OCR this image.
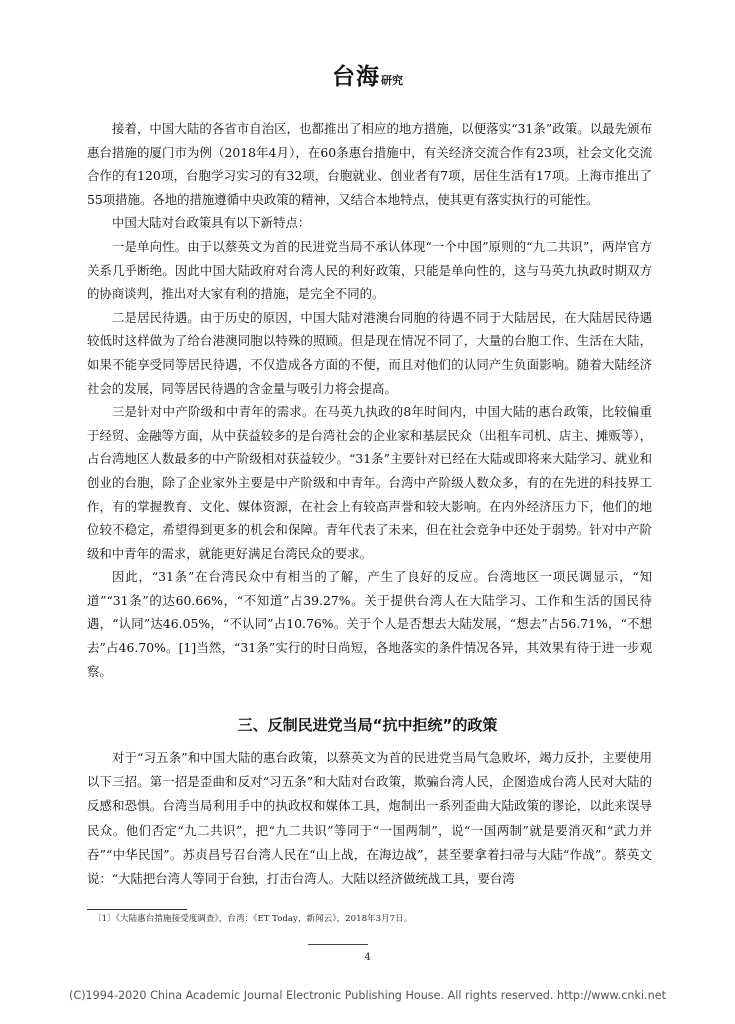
台海研究

接着，中国大陆的各省市自治区，也都推出了相应的地方措施，以便落实“31条”政策。以最先颁布惠台措施的厦门市为例（2018年4月），在60条惠台措施中，有关经济交流合作有23项，社会文化交流合作的有120项，台胞学习实习的有32项，台胞就业、创业者有7项，居住生活有17项。上海市推出了55项措施。各地的措施遵循中央政策的精神，又结合本地特点，使其更有落实执行的可能性。

中国大陆对台政策具有以下新特点：

一是单向性。由于以蔡英文为首的民进党当局不承认体现“一个中国”原则的“九二共识”，两岸官方关系几乎断绝。因此中国大陆政府对台湾人民的利好政策，只能是单向性的，这与马英九执政时期双方的协商谈判，推出对大家有利的措施，是完全不同的。

二是居民待遇。由于历史的原因，中国大陆对港澳台同胞的待遇不同于大陆居民，在大陆居民待遇较低时这样做为了给台港澳同胞以特殊的照顾。但是现在情况不同了，大量的台胞工作、生活在大陆，如果不能享受同等居民待遇，不仅造成各方面的不便，而且对他们的认同产生负面影响。随着大陆经济社会的发展，同等居民待遇的含金量与吸引力将会提高。

三是针对中产阶级和中青年的需求。在马英九执政的8年时间内，中国大陆的惠台政策，比较偏重于经贸、金融等方面，从中获益较多的是台湾社会的企业家和基层民众（出租车司机、店主、摊贩等），占台湾地区人数最多的中产阶级相对获益较少。“31条”主要针对已经在大陆或即将来大陆学习、就业和创业的台胞，除了企业家外主要是中产阶级和中青年。台湾中产阶级人数众多，有的在先进的科技界工作，有的掌握教育、文化、媒体资源，在社会上有较高声誉和较大影响。在内外经济压力下，他们的地位较不稳定，希望得到更多的机会和保障。青年代表了未来，但在社会竞争中还处于弱势。针对中产阶级和中青年的需求，就能更好满足台湾民众的要求。

因此，“31条”在台湾民众中有相当的了解，产生了良好的反应。台湾地区一项民调显示，“知道”“31条”的达60.66%，“不知道”占39.27%。关于提供台湾人在大陆学习、工作和生活的国民待遇，“认同”达46.05%，“不认同”占10.76%。关于个人是否想去大陆发展，“想去”占56.71%，“不想去”占46.70%。[1]当然，“31条”实行的时日尚短，各地落实的条件情况各异，其效果有待于进一步观察。

三、反制民进党当局“抗中拒统”的政策

对于“习五条”和中国大陆的惠台政策，以蔡英文为首的民进党当局气急败坏，竭力反扑，主要使用以下三招。第一招是歪曲和反对“习五条”和大陆对台政策，欺骗台湾人民，企图造成台湾人民对大陆的反感和恐惧。台湾当局利用手中的执政权和媒体工具，炮制出一系列歪曲大陆政策的谬论，以此来误导民众。他们否定“九二共识”，把“九二共识”等同于“一国两制”，说“一国两制”就是要消灭和“武力并吞”“中华民国”。苏贞昌号召台湾人民在“山上战，在海边战”，甚至要拿着扫帚与大陆“作战”。蔡英文说：“大陆把台湾人等同于台独，打击台湾人。大陆以经济做统战工具，要台湾

〔1〕《大陆惠台措施接受度调查》，台湾：《ET Today，新闻云》，2018年3月7日。
4
(C)1994-2020 China Academic Journal Electronic Publishing House. All rights reserved. http://www.cnki.net
